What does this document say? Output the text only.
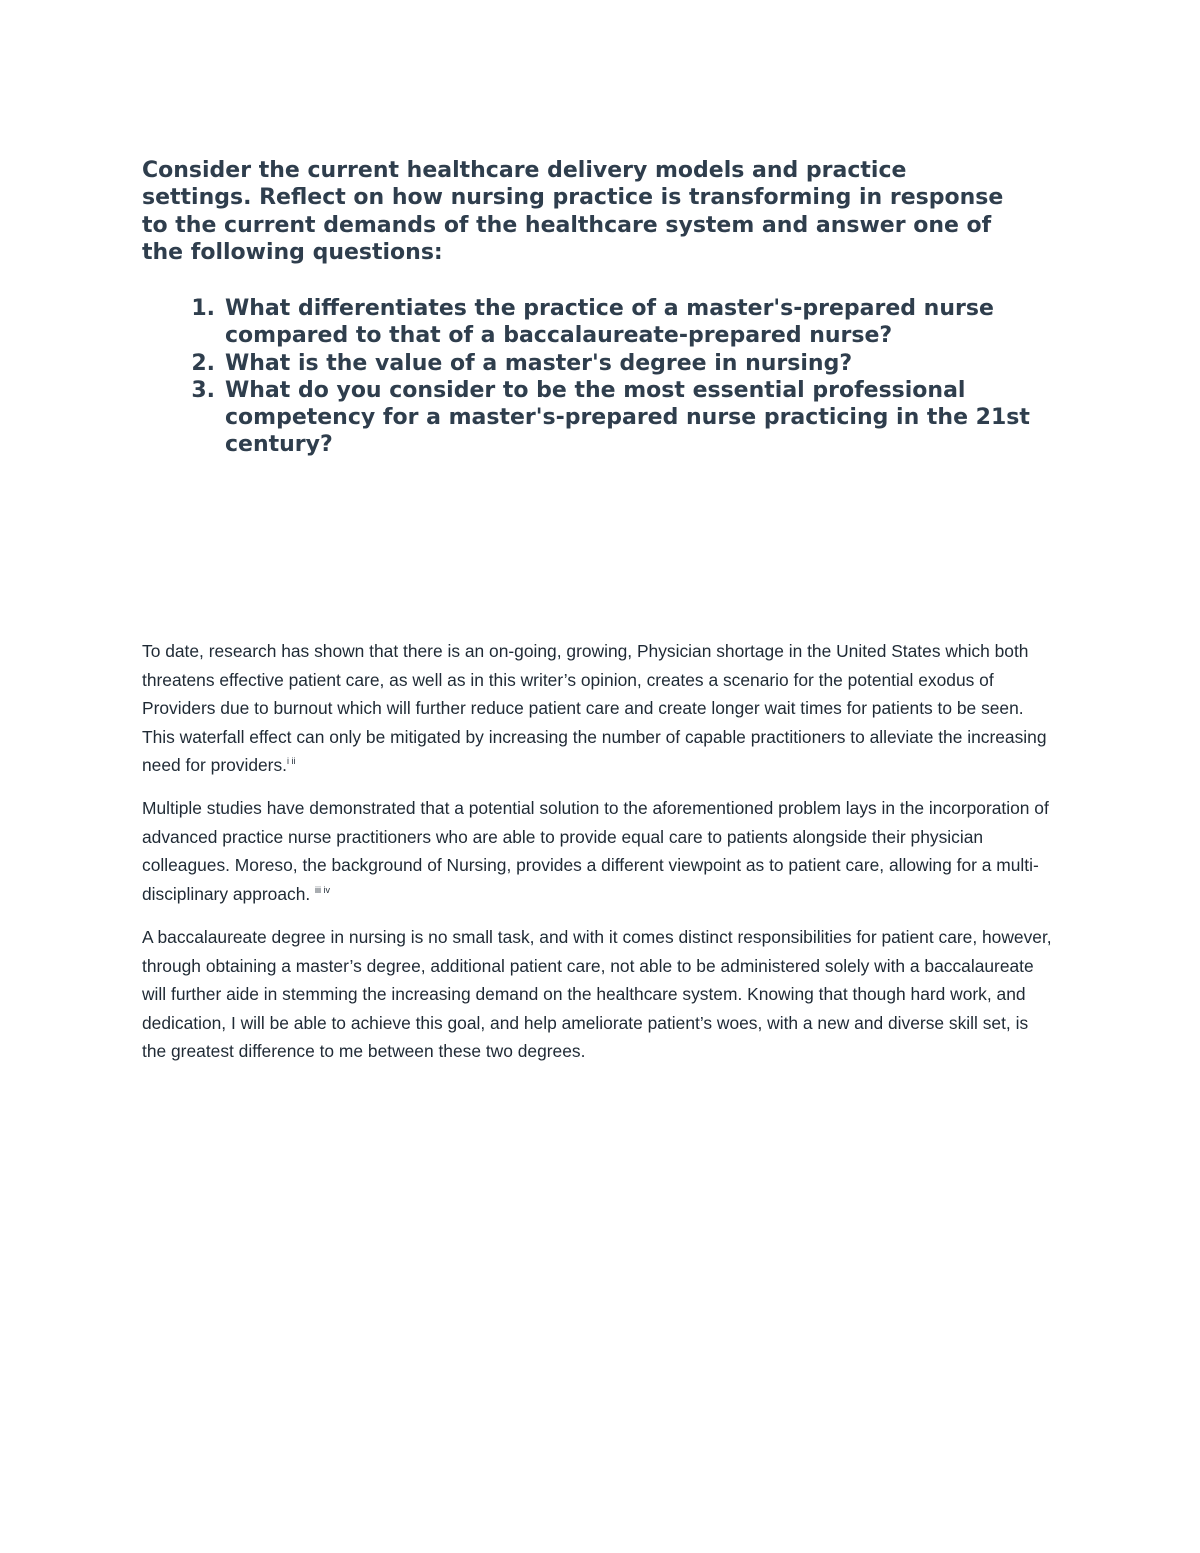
Consider the current healthcare delivery models and practice settings. Reflect on how nursing practice is transforming in response to the current demands of the healthcare system and answer one of the following questions:

1. What differentiates the practice of a master's-prepared nurse compared to that of a baccalaureate-prepared nurse?
2. What is the value of a master's degree in nursing?
3. What do you consider to be the most essential professional competency for a master's-prepared nurse practicing in the 21st century?

To date, research has shown that there is an on-going, growing, Physician shortage in the United States which both threatens effective patient care, as well as in this writer’s opinion, creates a scenario for the potential exodus of Providers due to burnout which will further reduce patient care and create longer wait times for patients to be seen. This waterfall effect can only be mitigated by increasing the number of capable practitioners to alleviate the increasing need for providers.$^{i ii}$

Multiple studies have demonstrated that a potential solution to the aforementioned problem lays in the incorporation of advanced practice nurse practitioners who are able to provide equal care to patients alongside their physician colleagues. Moreso, the background of Nursing, provides a different viewpoint as to patient care, allowing for a multi-disciplinary approach. $^{iii iv}$

A baccalaureate degree in nursing is no small task, and with it comes distinct responsibilities for patient care, however, through obtaining a master’s degree, additional patient care, not able to be administered solely with a baccalaureate will further aide in stemming the increasing demand on the healthcare system. Knowing that though hard work, and dedication, I will be able to achieve this goal, and help ameliorate patient’s woes, with a new and diverse skill set, is the greatest difference to me between these two degrees.
